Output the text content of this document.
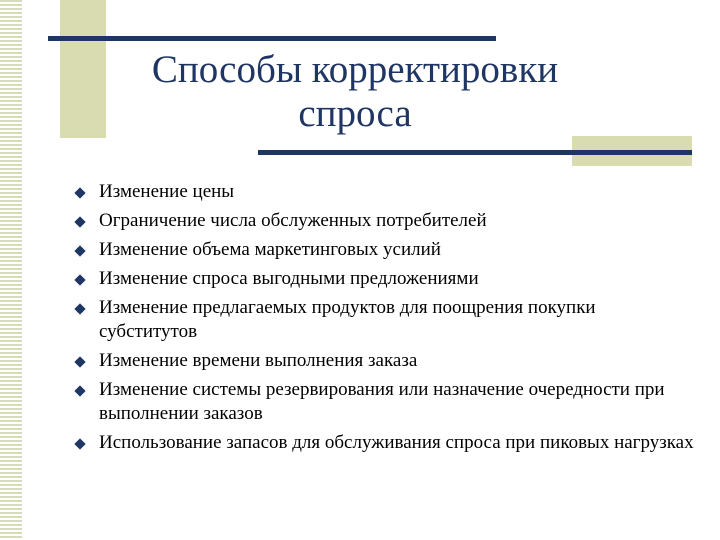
Способы корректировки
спроса
Изменение цены
Ограничение числа обслуженных потребителей
Изменение объема маркетинговых усилий
Изменение спроса выгодными предложениями
Изменение предлагаемых продуктов для поощрения покупки субститутов
Изменение времени выполнения заказа
Изменение системы резервирования или назначение очередности при выполнении заказов
Использование запасов для обслуживания спроса при пиковых нагрузках
